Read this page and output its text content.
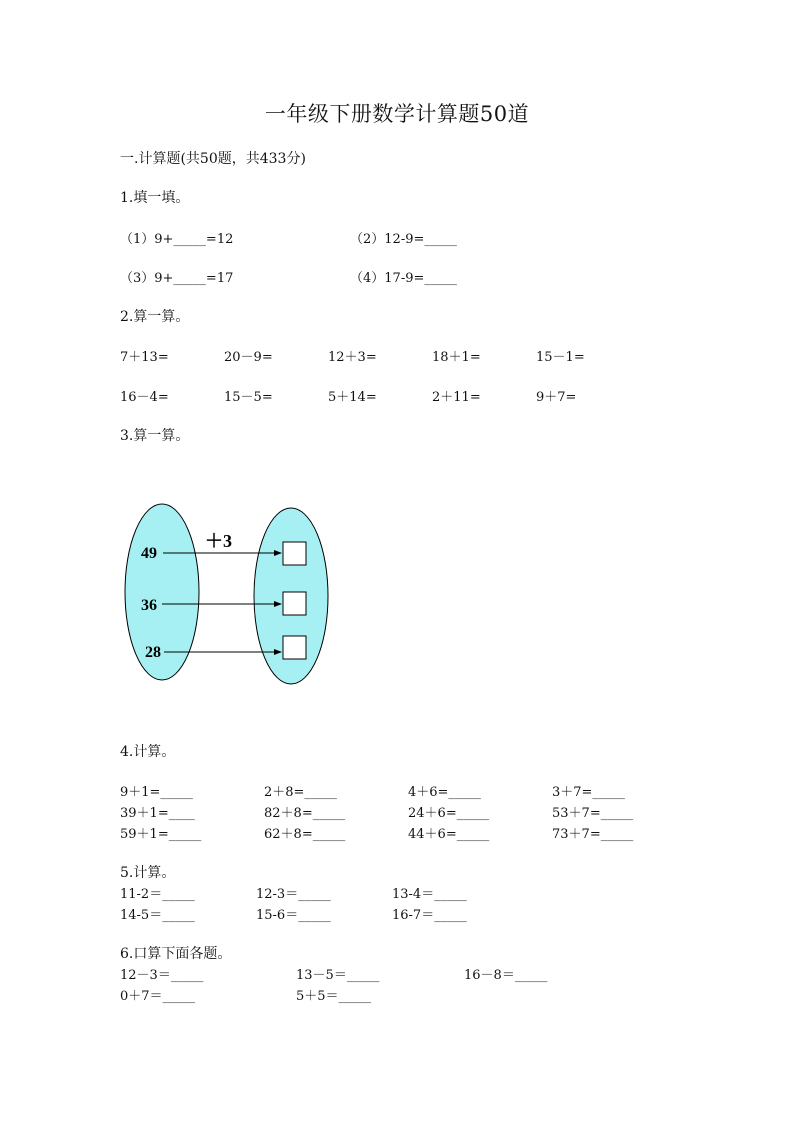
一年级下册数学计算题50道
一.计算题(共50题，共433分)
1.填一填。
（1）9+_____=12	（2）12-9=_____
（3）9+_____=17	（4）17-9=_____
2.算一算。
7＋13=	20－9=	12＋3=	18＋1=	15－1=
16－4=	15－5=	5＋14=	2＋11=	9＋7=
3.算一算。
＋3
49
36
28
4.计算。
9＋1=_____	2＋8=_____	4＋6=_____	3＋7=_____
39＋1=____	82＋8=_____	24＋6=_____	53＋7=_____
59＋1=_____	62＋8=_____	44＋6=_____	73＋7=_____
5.计算。
11-2＝_____	12-3＝_____	13-4＝_____
14-5＝_____	15-6＝_____	16-7＝_____
6.口算下面各题。
12－3＝_____	13－5＝_____	16－8＝_____
0＋7＝_____	5＋5＝_____
